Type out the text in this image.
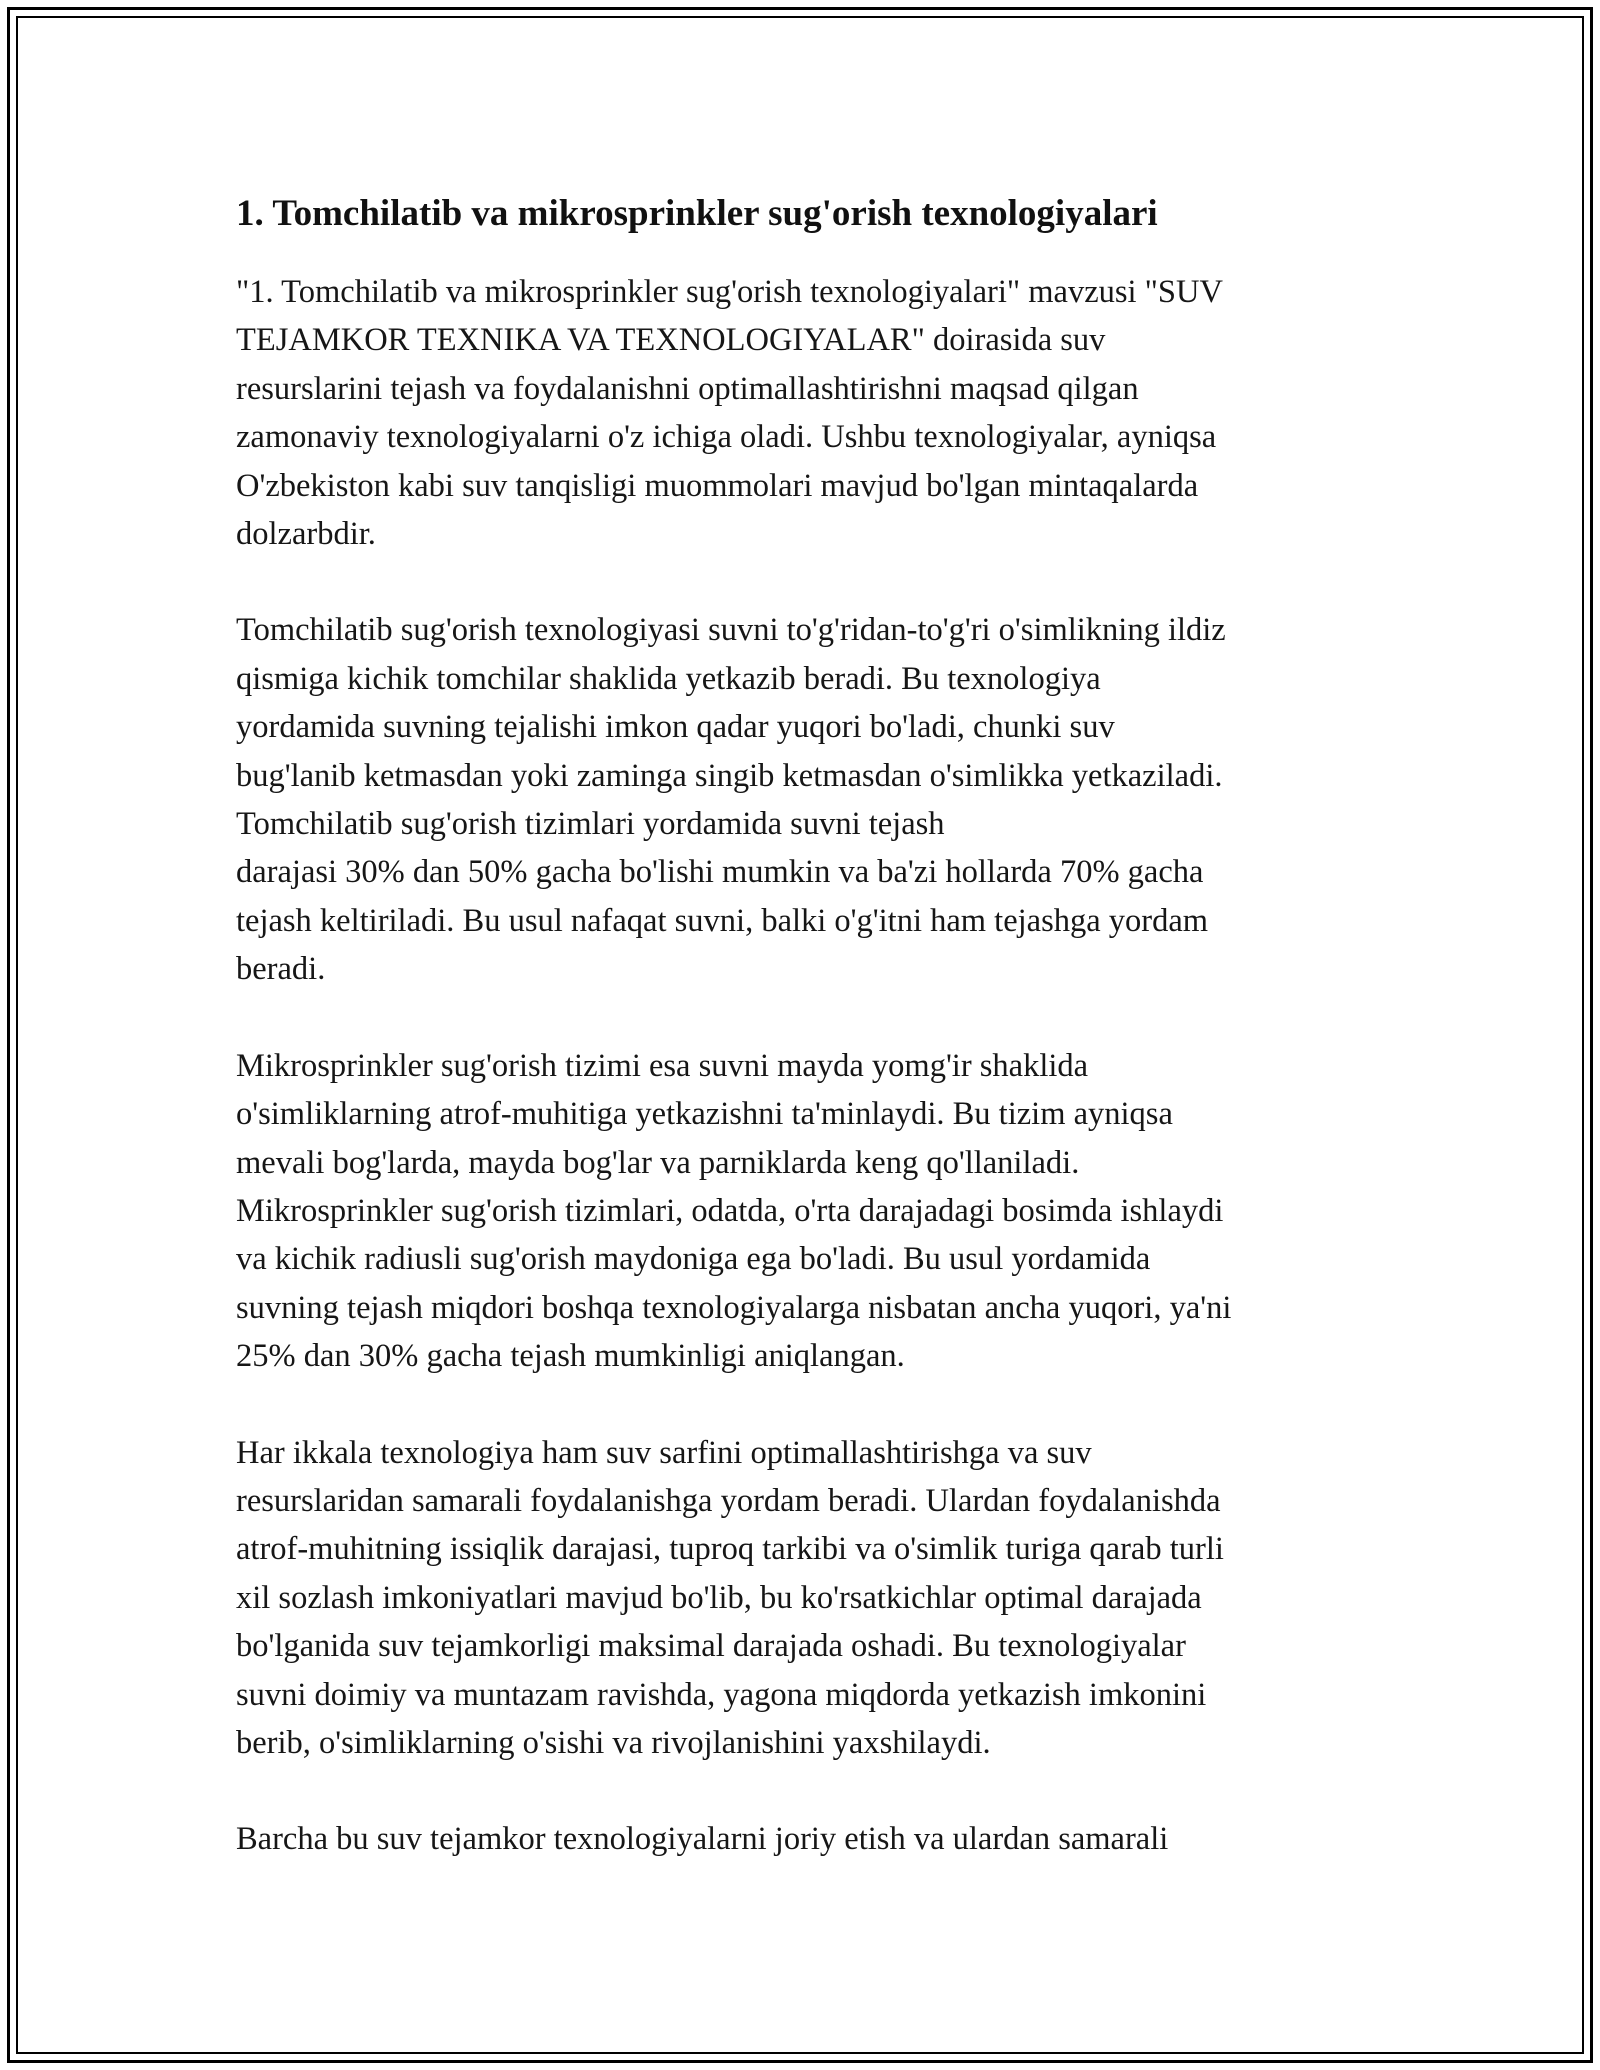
1. Tomchilatib va mikrosprinkler sug'orish texnologiyalari

"1. Tomchilatib va mikrosprinkler sug'orish texnologiyalari" mavzusi "SUV
TEJAMKOR TEXNIKA VA TEXNOLOGIYALAR" doirasida suv
resurslarini tejash va foydalanishni optimallashtirishni maqsad qilgan
zamonaviy texnologiyalarni o'z ichiga oladi. Ushbu texnologiyalar, ayniqsa
O'zbekiston kabi suv tanqisligi muommolari mavjud bo'lgan mintaqalarda
dolzarbdir.

Tomchilatib sug'orish texnologiyasi suvni to'g'ridan-to'g'ri o'simlikning ildiz
qismiga kichik tomchilar shaklida yetkazib beradi. Bu texnologiya
yordamida suvning tejalishi imkon qadar yuqori bo'ladi, chunki suv
bug'lanib ketmasdan yoki zaminga singib ketmasdan o'simlikka yetkaziladi.
Tomchilatib sug'orish tizimlari yordamida suvni tejash
darajasi 30% dan 50% gacha bo'lishi mumkin va ba'zi hollarda 70% gacha
tejash keltiriladi. Bu usul nafaqat suvni, balki o'g'itni ham tejashga yordam
beradi.

Mikrosprinkler sug'orish tizimi esa suvni mayda yomg'ir shaklida
o'simliklarning atrof-muhitiga yetkazishni ta'minlaydi. Bu tizim ayniqsa
mevali bog'larda, mayda bog'lar va parniklarda keng qo'llaniladi.
Mikrosprinkler sug'orish tizimlari, odatda, o'rta darajadagi bosimda ishlaydi
va kichik radiusli sug'orish maydoniga ega bo'ladi. Bu usul yordamida
suvning tejash miqdori boshqa texnologiyalarga nisbatan ancha yuqori, ya'ni
25% dan 30% gacha tejash mumkinligi aniqlangan.

Har ikkala texnologiya ham suv sarfini optimallashtirishga va suv
resurslaridan samarali foydalanishga yordam beradi. Ulardan foydalanishda
atrof-muhitning issiqlik darajasi, tuproq tarkibi va o'simlik turiga qarab turli
xil sozlash imkoniyatlari mavjud bo'lib, bu ko'rsatkichlar optimal darajada
bo'lganida suv tejamkorligi maksimal darajada oshadi. Bu texnologiyalar
suvni doimiy va muntazam ravishda, yagona miqdorda yetkazish imkonini
berib, o'simliklarning o'sishi va rivojlanishini yaxshilaydi.

Barcha bu suv tejamkor texnologiyalarni joriy etish va ulardan samarali
